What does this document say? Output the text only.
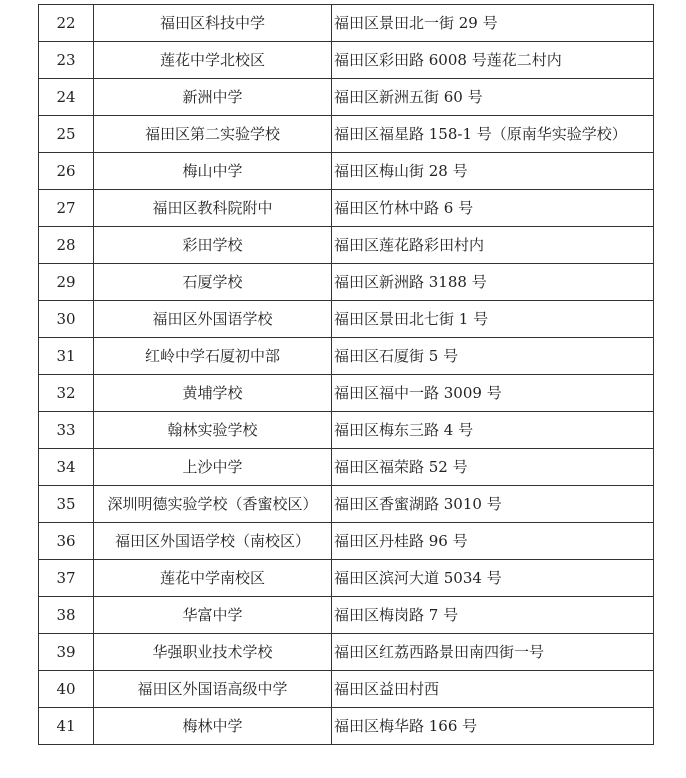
22	福田区科技中学	福田区景田北一街 29 号
23	莲花中学北校区	福田区彩田路 6008 号莲花二村内
24	新洲中学	福田区新洲五街 60 号
25	福田区第二实验学校	福田区福星路 158-1 号（原南华实验学校）
26	梅山中学	福田区梅山街 28 号
27	福田区教科院附中	福田区竹林中路 6 号
28	彩田学校	福田区莲花路彩田村内
29	石厦学校	福田区新洲路 3188 号
30	福田区外国语学校	福田区景田北七街 1 号
31	红岭中学石厦初中部	福田区石厦街 5 号
32	黄埔学校	福田区福中一路 3009 号
33	翰林实验学校	福田区梅东三路 4 号
34	上沙中学	福田区福荣路 52 号
35	深圳明德实验学校（香蜜校区）	福田区香蜜湖路 3010 号
36	福田区外国语学校（南校区）	福田区丹桂路 96 号
37	莲花中学南校区	福田区滨河大道 5034 号
38	华富中学	福田区梅岗路 7 号
39	华强职业技术学校	福田区红荔西路景田南四街一号
40	福田区外国语高级中学	福田区益田村西
41	梅林中学	福田区梅华路 166 号
